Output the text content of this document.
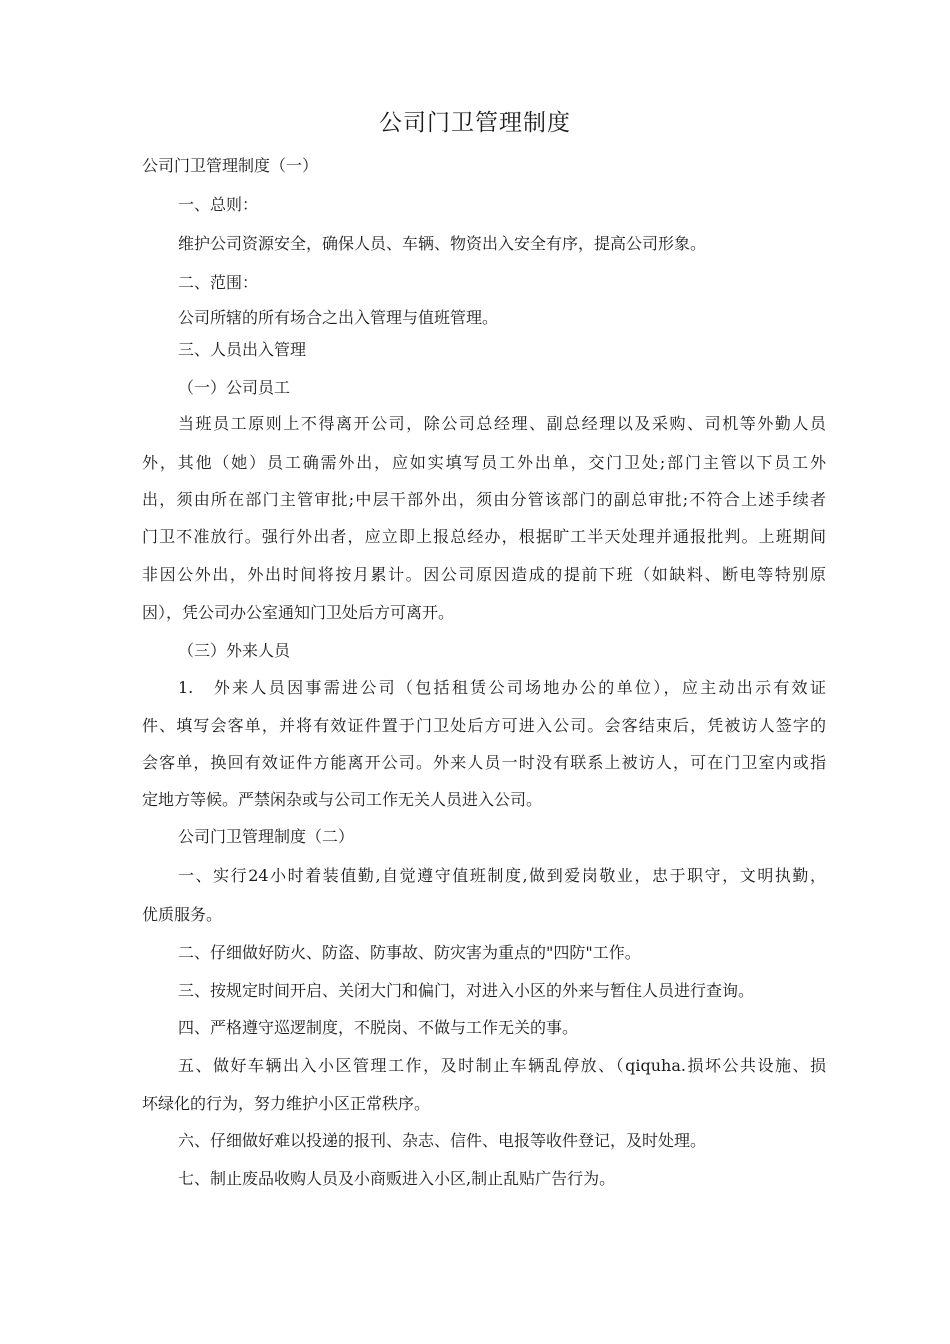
公司门卫管理制度
公司门卫管理制度（一）
一、总则：
维护公司资源安全，确保人员、车辆、物资出入安全有序，提高公司形象。
二、范围：
公司所辖的所有场合之出入管理与值班管理。
三、人员出入管理
（一）公司员工
当班员工原则上不得离开公司，除公司总经理、副总经理以及采购、司机等外勤人员
外，其他（她）员工确需外出，应如实填写员工外出单，交门卫处;部门主管以下员工外
出，须由所在部门主管审批;中层干部外出，须由分管该部门的副总审批;不符合上述手续者
门卫不准放行。强行外出者，应立即上报总经办，根据旷工半天处理并通报批判。上班期间
非因公外出，外出时间将按月累计。因公司原因造成的提前下班（如缺料、断电等特别原
因），凭公司办公室通知门卫处后方可离开。
（三）外来人员
1.　外来人员因事需进公司（包括租赁公司场地办公的单位），应主动出示有效证
件、填写会客单，并将有效证件置于门卫处后方可进入公司。会客结束后，凭被访人签字的
会客单，换回有效证件方能离开公司。外来人员一时没有联系上被访人，可在门卫室内或指
定地方等候。严禁闲杂或与公司工作无关人员进入公司。
公司门卫管理制度（二）
一、实行24小时着装值勤,自觉遵守值班制度,做到爱岗敬业，忠于职守，文明执勤，
优质服务。
二、仔细做好防火、防盗、防事故、防灾害为重点的"四防"工作。
三、按规定时间开启、关闭大门和偏门，对进入小区的外来与暂住人员进行查询。
四、严格遵守巡逻制度，不脱岗、不做与工作无关的事。
五、做好车辆出入小区管理工作，及时制止车辆乱停放、（qiquha.损坏公共设施、损
坏绿化的行为，努力维护小区正常秩序。
六、仔细做好难以投递的报刊、杂志、信件、电报等收件登记，及时处理。
七、制止废品收购人员及小商贩进入小区,制止乱贴广告行为。
